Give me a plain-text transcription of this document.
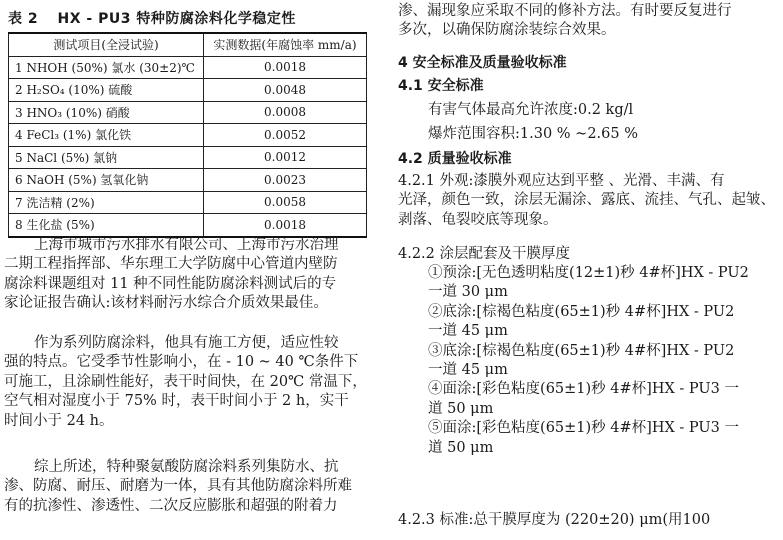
表 2 HX - PU3 特种防腐涂料化学稳定性
测试项目(全浸试验)	实测数据(年腐蚀率 mm/a)
1 NHOH (50%) 氯水 (30±2)℃	0.0018
2 H₂SO₄ (10%) 硫酸	0.0048
3 HNO₃ (10%) 硝酸	0.0008
4 FeCl₃ (1%) 氯化铁	0.0052
5 NaCl (5%) 氯钠	0.0012
6 NaOH (5%) 氢氧化钠	0.0023
7 洗洁精 (2%)	0.0058
8 生化盐 (5%)	0.0018
上海市城市污水排水有限公司、上海市污水治理
二期工程指挥部、华东理工大学防腐中心管道内壁防
腐涂料课题组对 11 种不同性能防腐涂料测试后的专
家论证报告确认:该材料耐污水综合介质效果最佳。
作为系列防腐涂料，他具有施工方便，适应性较
强的特点。它受季节性影响小，在 - 10 ~ 40 ℃条件下
可施工，且涂刷性能好，表干时间快，在 20℃ 常温下，
空气相对湿度小于 75% 时，表干时间小于 2 h，实干
时间小于 24 h。
综上所述，特种聚氨酸防腐涂料系列集防水、抗
渗、防腐、耐压、耐磨为一体，具有其他防腐涂料所难
有的抗渗性、渗透性、二次反应膨胀和超强的附着力
渗、漏现象应采取不同的修补方法。有时要反复进行
多次，以确保防腐涂装综合效果。
4 安全标准及质量验收标准
4.1 安全标准
有害气体最高允许浓度:0.2 kg/l
爆炸范围容积:1.30 % ~2.65 %
4.2 质量验收标准
4.2.1 外观:漆膜外观应达到平整 、光滑、丰满、有
光泽，颜色一致，涂层无漏涂、露底、流挂、气孔、起皱、
剥落、龟裂咬底等现象。
4.2.2 涂层配套及干膜厚度
①预涂:[无色透明粘度(12±1)秒 4#杯]HX - PU2
一道 30 μm
②底涂:[棕褐色粘度(65±1)秒 4#杯]HX - PU2
一道 45 μm
③底涂:[棕褐色粘度(65±1)秒 4#杯]HX - PU2
一道 45 μm
④面涂:[彩色粘度(65±1)秒 4#杯]HX - PU3 一
道 50 μm
⑤面涂:[彩色粘度(65±1)秒 4#杯]HX - PU3 一
道 50 μm
4.2.3 标准:总干膜厚度为 (220±20) μm(用100
